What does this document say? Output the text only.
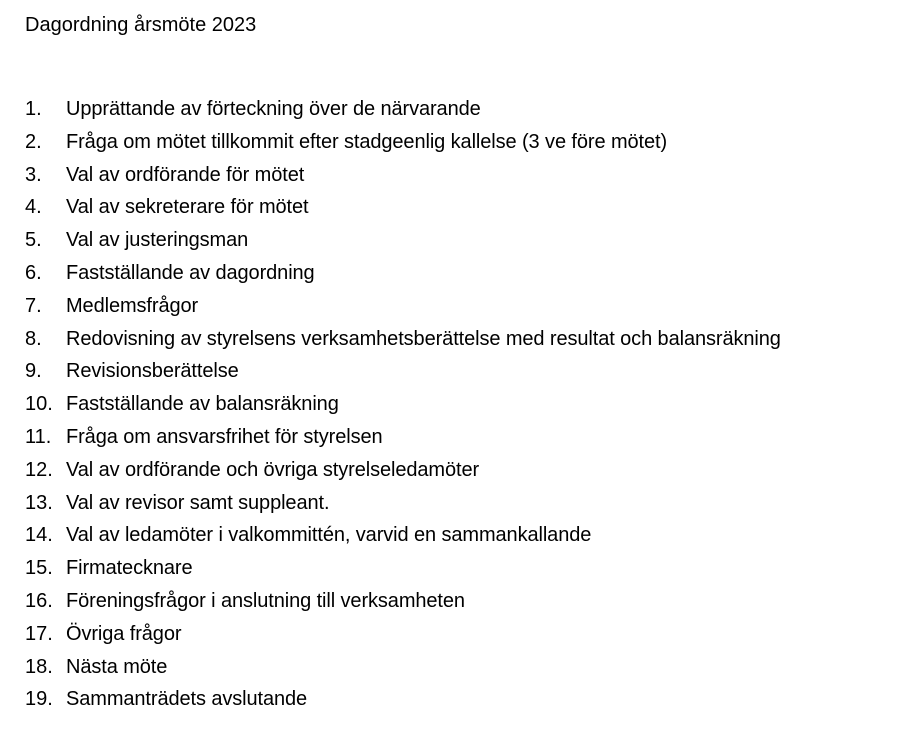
Dagordning årsmöte 2023
1.	Upprättande av förteckning över de närvarande
2.	Fråga om mötet tillkommit efter stadgeenlig kallelse (3 ve före mötet)
3.	Val av ordförande för mötet
4.	Val av sekreterare för mötet
5.	Val av justeringsman
6.	Fastställande av dagordning
7.	Medlemsfrågor
8.	Redovisning av styrelsens verksamhetsberättelse med resultat och balansräkning
9.	Revisionsberättelse
10. Fastställande av balansräkning
11. Fråga om ansvarsfrihet för styrelsen
12. Val av ordförande och övriga styrelseledamöter
13. Val av revisor samt suppleant.
14. Val av ledamöter i valkommittén, varvid en sammankallande
15. Firmatecknare
16. Föreningsfrågor i anslutning till verksamheten
17. Övriga frågor
18. Nästa möte
19. Sammanträdets avslutande
